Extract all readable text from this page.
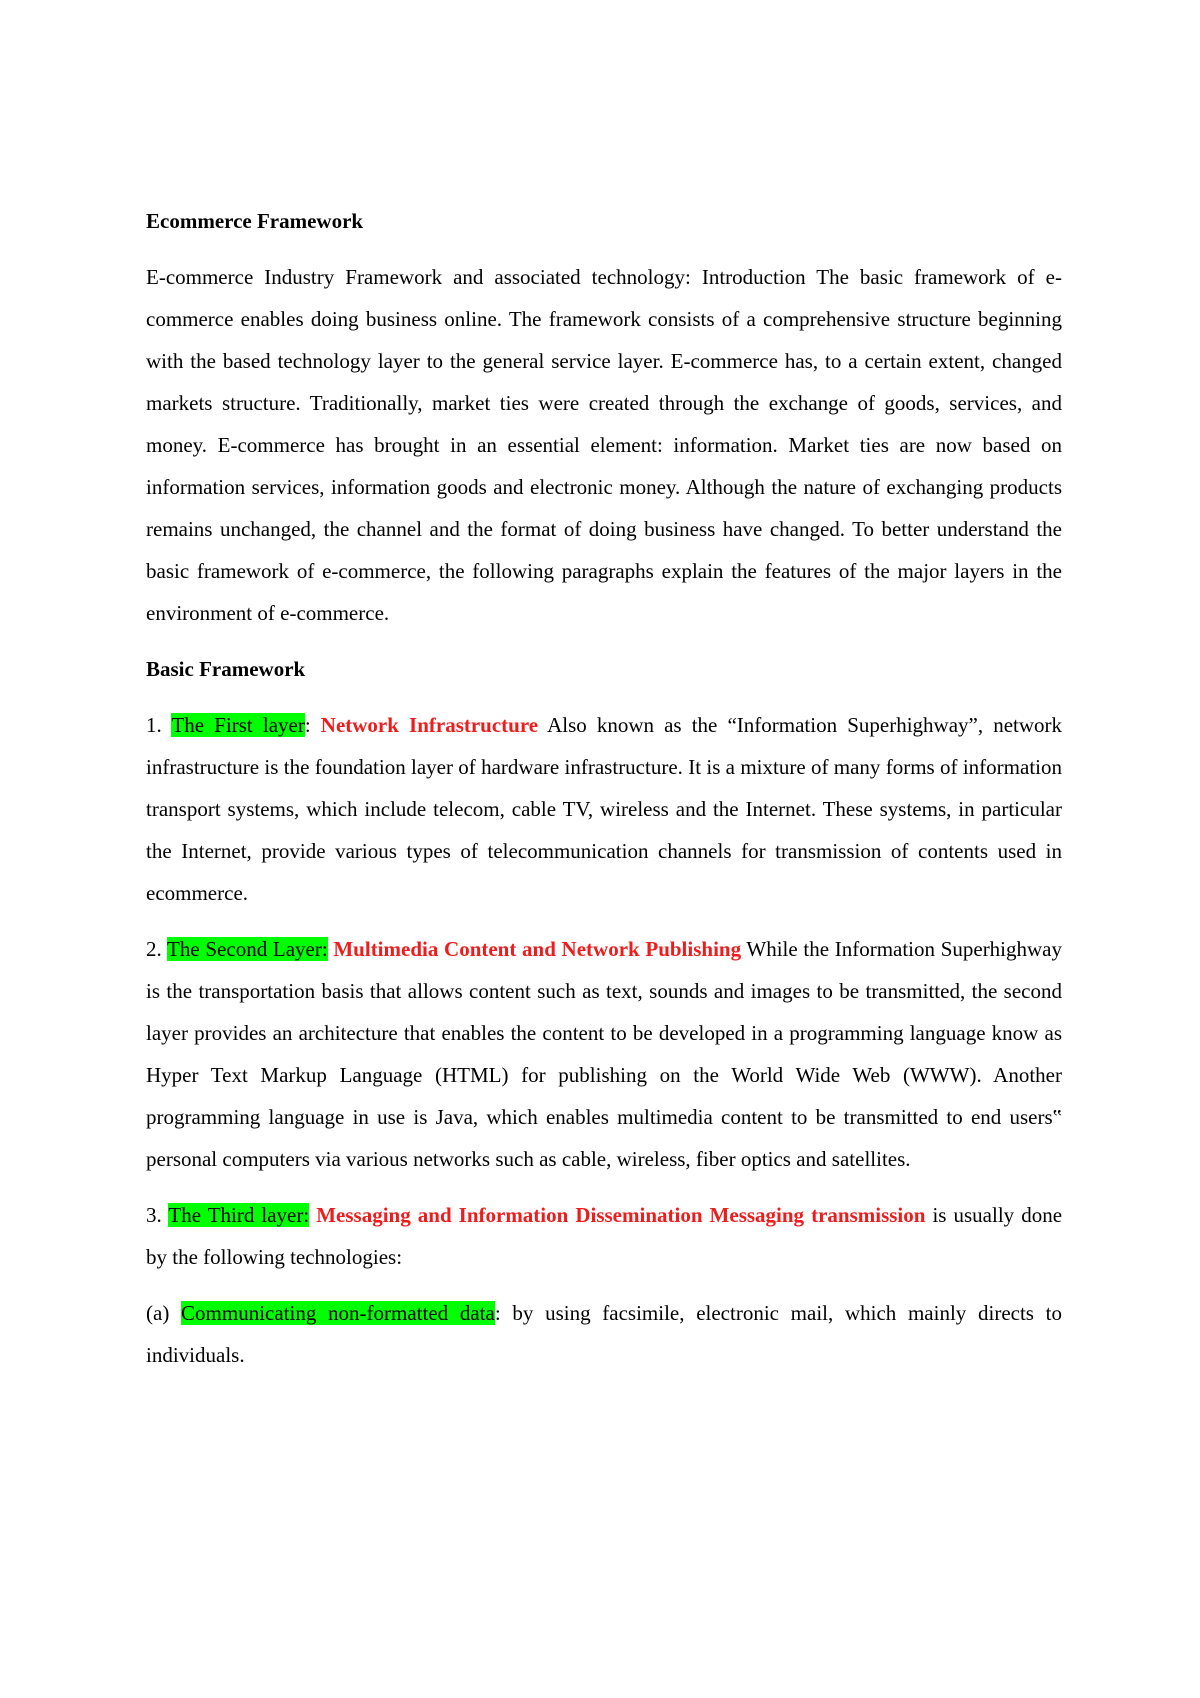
Ecommerce Framework

E-commerce Industry Framework and associated technology: Introduction The basic framework of e-commerce enables doing business online. The framework consists of a comprehensive structure beginning with the based technology layer to the general service layer. E-commerce has, to a certain extent, changed markets structure. Traditionally, market ties were created through the exchange of goods, services, and money. E-commerce has brought in an essential element: information. Market ties are now based on information services, information goods and electronic money. Although the nature of exchanging products remains unchanged, the channel and the format of doing business have changed. To better understand the basic framework of e-commerce, the following paragraphs explain the features of the major layers in the environment of e-commerce.

Basic Framework

1. The First layer: Network Infrastructure Also known as the “Information Superhighway”, network infrastructure is the foundation layer of hardware infrastructure. It is a mixture of many forms of information transport systems, which include telecom, cable TV, wireless and the Internet. These systems, in particular the Internet, provide various types of telecommunication channels for transmission of contents used in ecommerce.

2. The Second Layer: Multimedia Content and Network Publishing While the Information Superhighway is the transportation basis that allows content such as text, sounds and images to be transmitted, the second layer provides an architecture that enables the content to be developed in a programming language know as Hyper Text Markup Language (HTML) for publishing on the World Wide Web (WWW). Another programming language in use is Java, which enables multimedia content to be transmitted to end users‟ personal computers via various networks such as cable, wireless, fiber optics and satellites.

3. The Third layer: Messaging and Information Dissemination Messaging transmission is usually done by the following technologies:

(a) Communicating non-formatted data: by using facsimile, electronic mail, which mainly directs to individuals.
